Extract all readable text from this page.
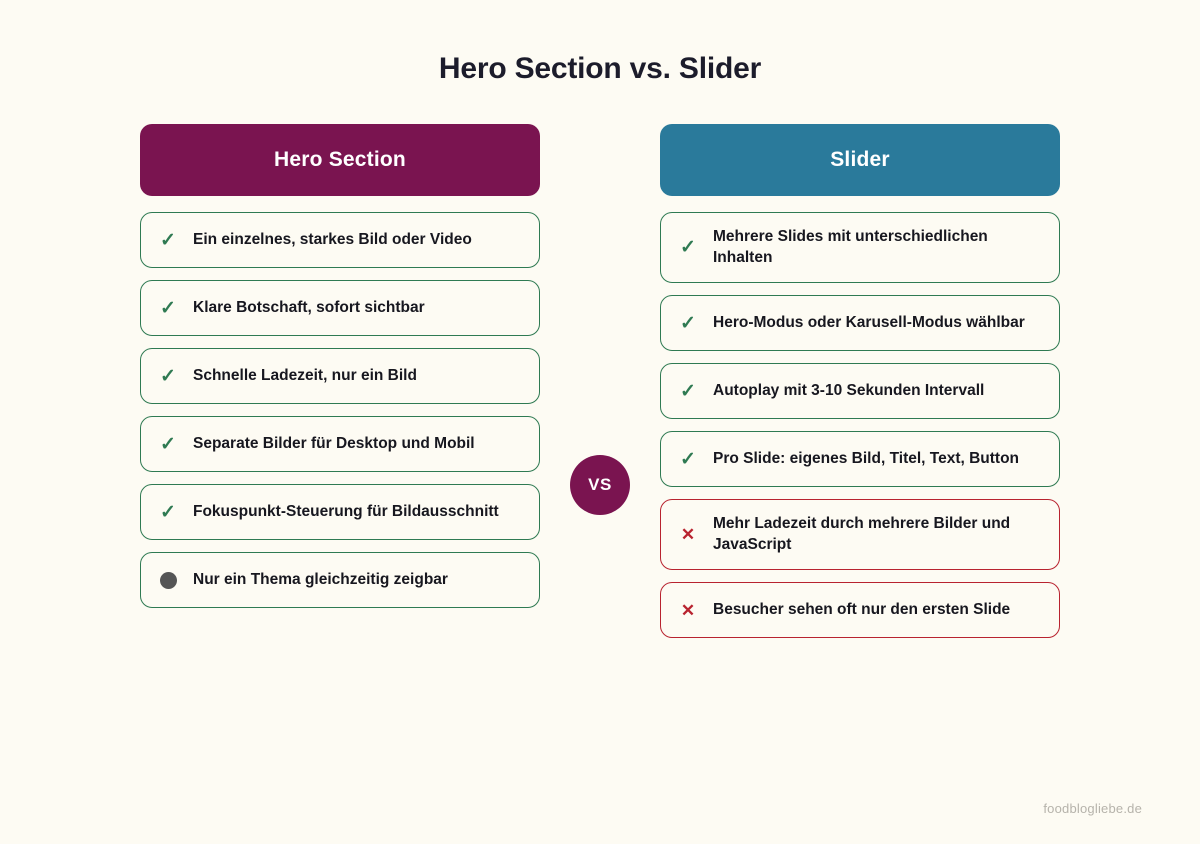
Hero Section vs. Slider
Hero Section
✓ Ein einzelnes, starkes Bild oder Video
✓ Klare Botschaft, sofort sichtbar
✓ Schnelle Ladezeit, nur ein Bild
✓ Separate Bilder für Desktop und Mobil
✓ Fokuspunkt-Steuerung für Bildausschnitt
Nur ein Thema gleichzeitig zeigbar
Slider
✓
Mehrere Slides mit unterschiedlichen Inhalten
✓ Hero-Modus oder Karusell-Modus wählbar
✓ Autoplay mit 3-10 Sekunden Intervall
✓ Pro Slide: eigenes Bild, Titel, Text, Button
✕
Mehr Ladezeit durch mehrere Bilder und JavaScript
✕ Besucher sehen oft nur den ersten Slide
VS
foodblogliebe.de
